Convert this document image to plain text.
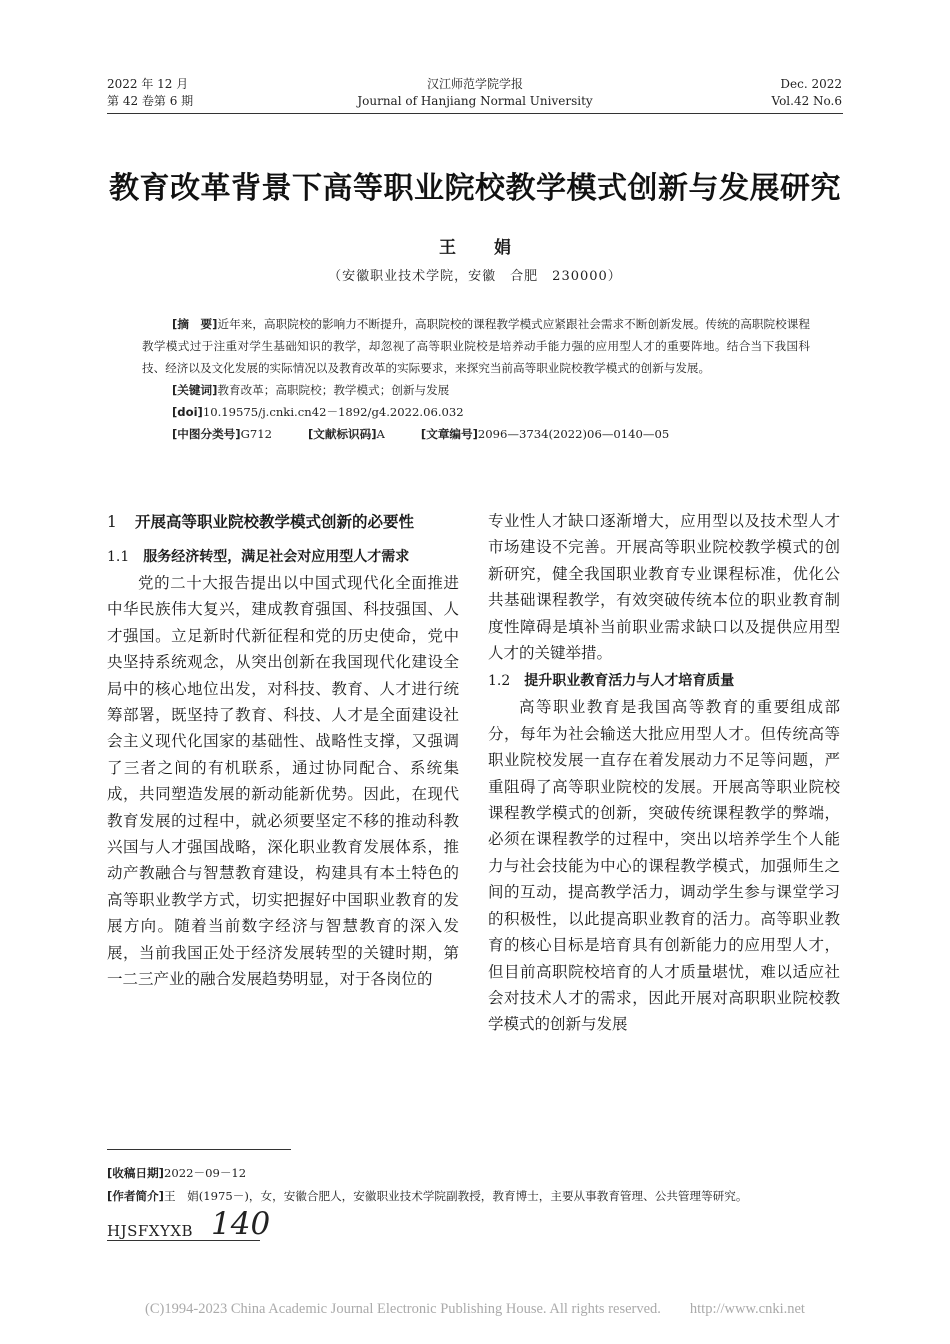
2022 年 12 月
第 42 卷第 6 期
汉江师范学院学报
Journal of Hanjiang Normal University
Dec. 2022
Vol.42 No.6
教育改革背景下高等职业院校教学模式创新与发展研究
王 娟
（安徽职业技术学院，安徽　合肥　230000）

[摘　要]近年来，高职院校的影响力不断提升，高职院校的课程教学模式应紧跟社会需求不断创新发展。传统的高职院校课程教学模式过于注重对学生基础知识的教学，却忽视了高等职业院校是培养动手能力强的应用型人才的重要阵地。结合当下我国科技、经济以及文化发展的实际情况以及教育改革的实际要求，来探究当前高等职业院校教学模式的创新与发展。

[关键词]教育改革；高职院校；教学模式；创新与发展

[doi]10.19575/j.cnki.cn42－1892/g4.2022.06.032

[中图分类号]G712	[文献标识码]A	[文章编号]2096—3734(2022)06—0140—05

1 开展高等职业院校教学模式创新的必要性
1.1 服务经济转型，满足社会对应用型人才需求

党的二十大报告提出以中国式现代化全面推进中华民族伟大复兴，建成教育强国、科技强国、人才强国。立足新时代新征程和党的历史使命，党中央坚持系统观念，从突出创新在我国现代化建设全局中的核心地位出发，对科技、教育、人才进行统筹部署，既坚持了教育、科技、人才是全面建设社会主义现代化国家的基础性、战略性支撑，又强调了三者之间的有机联系，通过协同配合、系统集成，共同塑造发展的新动能新优势。因此，在现代教育发展的过程中，就必须要坚定不移的推动科教兴国与人才强国战略，深化职业教育发展体系，推动产教融合与智慧教育建设，构建具有本土特色的高等职业教学方式，切实把握好中国职业教育的发展方向。随着当前数字经济与智慧教育的深入发展，当前我国正处于经济发展转型的关键时期，第一二三产业的融合发展趋势明显，对于各岗位的

专业性人才缺口逐渐增大，应用型以及技术型人才市场建设不完善。开展高等职业院校教学模式的创新研究，健全我国职业教育专业课程标准，优化公共基础课程教学，有效突破传统本位的职业教育制度性障碍是填补当前职业需求缺口以及提供应用型人才的关键举措。

1.2 提升职业教育活力与人才培育质量

高等职业教育是我国高等教育的重要组成部分，每年为社会输送大批应用型人才。但传统高等职业院校发展一直存在着发展动力不足等问题，严重阻碍了高等职业院校的发展。开展高等职业院校课程教学模式的创新，突破传统课程教学的弊端，必须在课程教学的过程中，突出以培养学生个人能力与社会技能为中心的课程教学模式，加强师生之间的互动，提高教学活力，调动学生参与课堂学习的积极性，以此提高职业教育的活力。高等职业教育的核心目标是培育具有创新能力的应用型人才，但目前高职院校培育的人才质量堪忧，难以适应社会对技术人才的需求，因此开展对高职职业院校教学模式的创新与发展

[收稿日期]2022－09－12
[作者简介]王　娟(1975－)，女，安徽合肥人，安徽职业技术学院副教授，教育博士，主要从事教育管理、公共管理等研究。
HJSFXYXB 140
(C)1994-2023 China Academic Journal Electronic Publishing House. All rights reserved.　　http://www.cnki.net
